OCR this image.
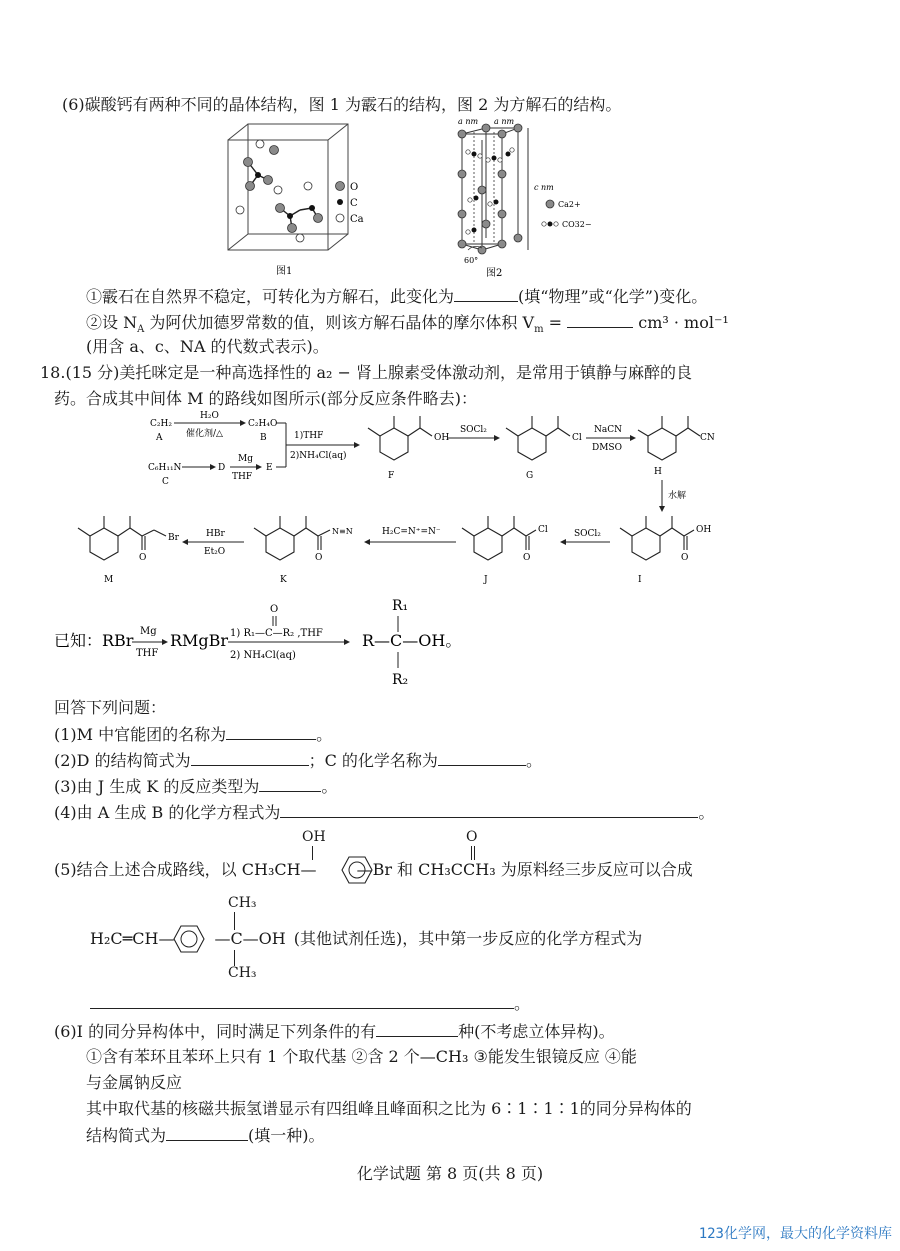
(6)碳酸钙有两种不同的晶体结构，图 1 为霰石的结构，图 2 为方解石的结构。
图1
O
C
Ca
a nm a nm
c nm
60°
图2
Ca2+
CO32−
①霰石在自然界不稳定，可转化为方解石，此变化为	(填“物理”或“化学”)变化。
②设 $N_A$ 为阿伏加德罗常数的值，则该方解石晶体的摩尔体积 $V_m$ =	cm³ · mol⁻¹
(用含 a、c、NA 的代数式表示)。
18.(15 分)美托咪定是一种高选择性的 a₂ − 肾上腺素受体激动剂，是常用于镇静与麻醉的良
药。合成其中间体 M 的路线如图所示(部分反应条件略去)：
C₂H₂
A
H₂O
催化剂/△
C₂H₄O
B
C₆H₁₁N
C
D
Mg
THF
E
1)THF
2)NH₄Cl(aq)
OH
F
SOCl₂
Cl
G
NaCN
DMSO
CN
H
水解
OH
O
I
SOCl₂
Cl
O
J
H₂C=N⁺=N⁻
N≡N
O
K
HBr
Et₂O
Br
O
M
已知：RBr Mg
THF
RMgBr
O
1) R₁—C—R₂ ,THF
2) NH₄Cl(aq)
R₁
R—C—OH。
R₂
回答下列问题：
(1)M 中官能团的名称为	。
(2)D 的结构简式为	；C 的化学名称为	。
(3)由 J 生成 K 的反应类型为	。
(4)由 A 生成 B 的化学方程式为	。
OH	O
(5)结合上述合成路线，以 CH₃CH—	—Br 和 CH₃CCH₃ 为原料经三步反应可以合成
CH₃
H₂C═CH—	—C—OH (其他试剂任选)，其中第一步反应的化学方程式为
CH₃
。
(6)I 的同分异构体中，同时满足下列条件的有	种(不考虑立体异构)。
①含有苯环且苯环上只有 1 个取代基 ②含 2 个—CH₃ ③能发生银镜反应 ④能
与金属钠反应
其中取代基的核磁共振氢谱显示有四组峰且峰面积之比为 6∶1∶1∶1的同分异构体的
结构简式为	(填一种)。
化学试题 第 8 页(共 8 页)
123化学网，最大的化学资料库
